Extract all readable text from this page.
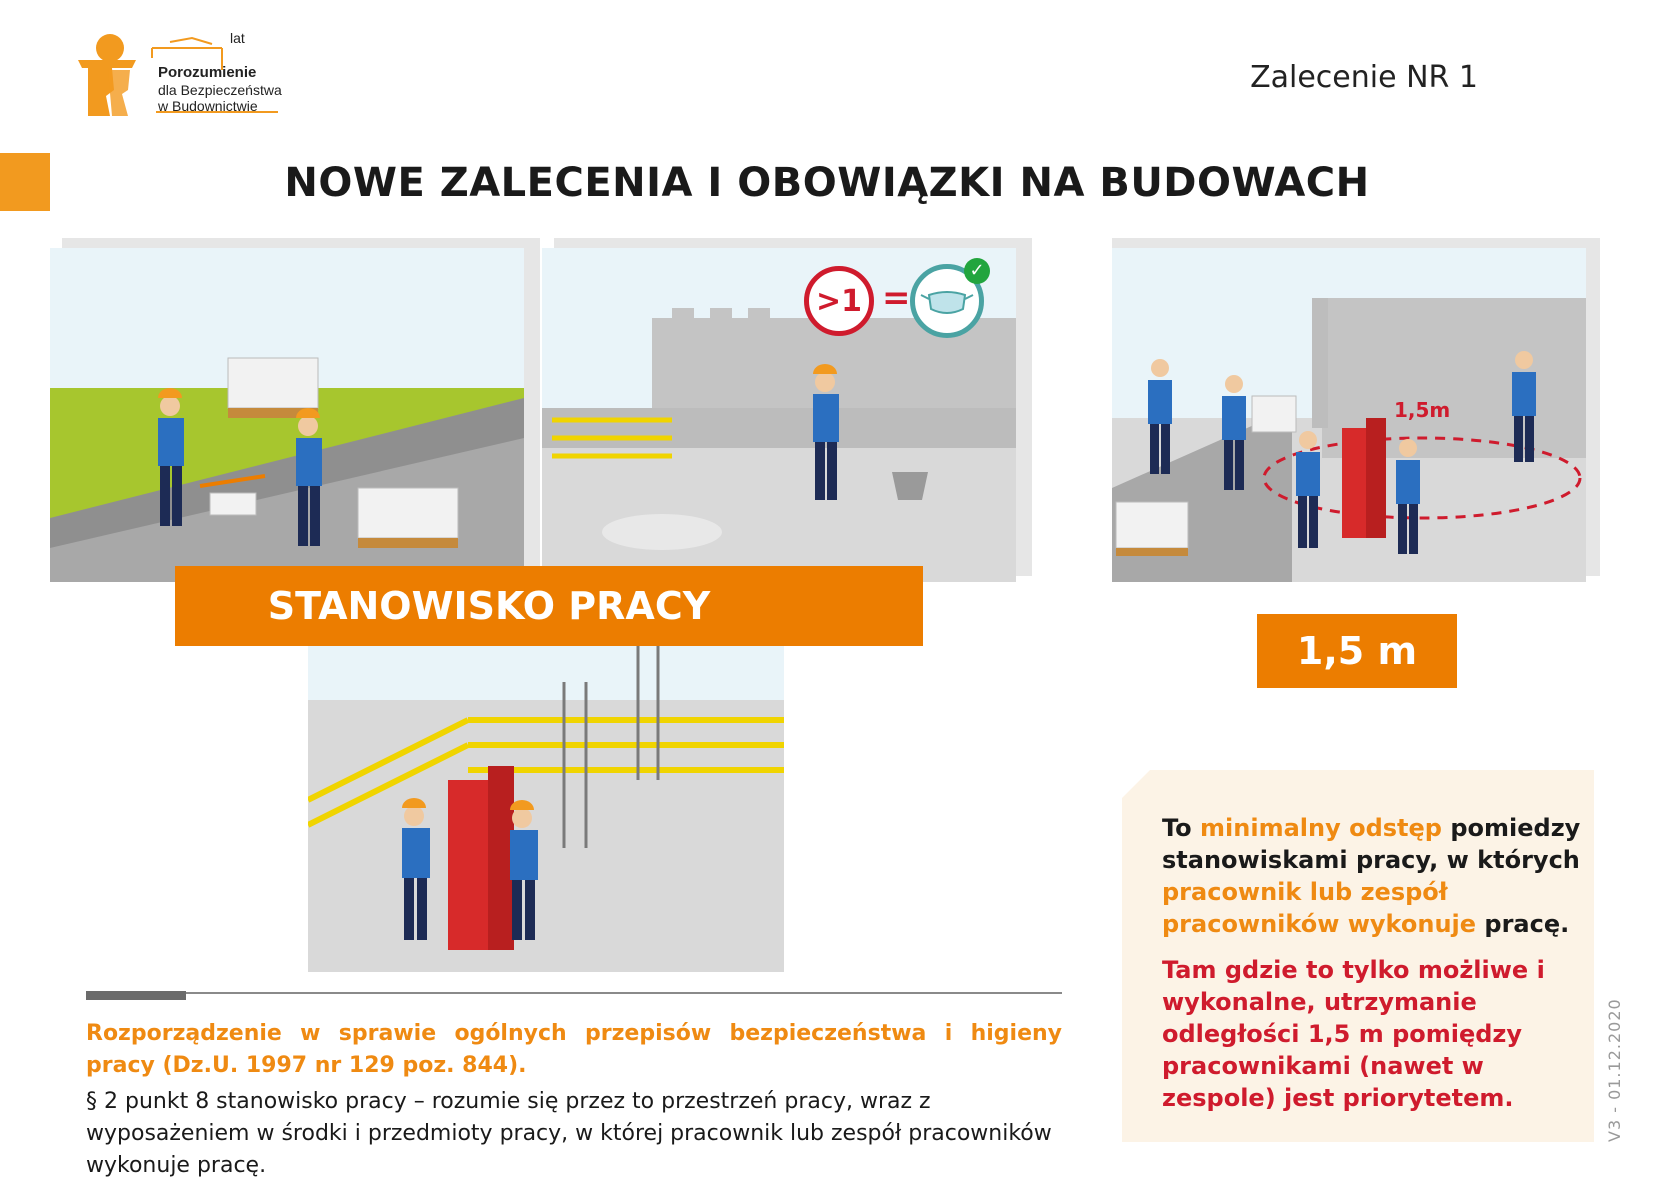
lat
Porozumienie
dla Bezpieczeństwa
w Budownictwie
Zalecenie NR 1
NOWE ZALECENIA I OBOWIĄZKI NA BUDOWACH
>1 =
✓
1,5m
STANOWISKO PRACY
1,5 m
To minimalny odstęp pomiedzy stanowiskami pracy, w których pracownik lub zespół pracowników wykonuje pracę.
Tam gdzie to tylko możliwe i wykonalne, utrzymanie odległości 1,5 m pomiędzy pracownikami (nawet w zespole) jest priorytetem.	V3 - 01.12.2020
Rozporządzenie w sprawie ogólnych przepisów bezpieczeństwa i higieny pracy (Dz.U. 1997 nr 129 poz. 844).
§ 2 punkt 8 stanowisko pracy – rozumie się przez to przestrzeń pracy, wraz z wyposażeniem w środki i przedmioty pracy, w której pracownik lub zespół pracowników wykonuje pracę.
